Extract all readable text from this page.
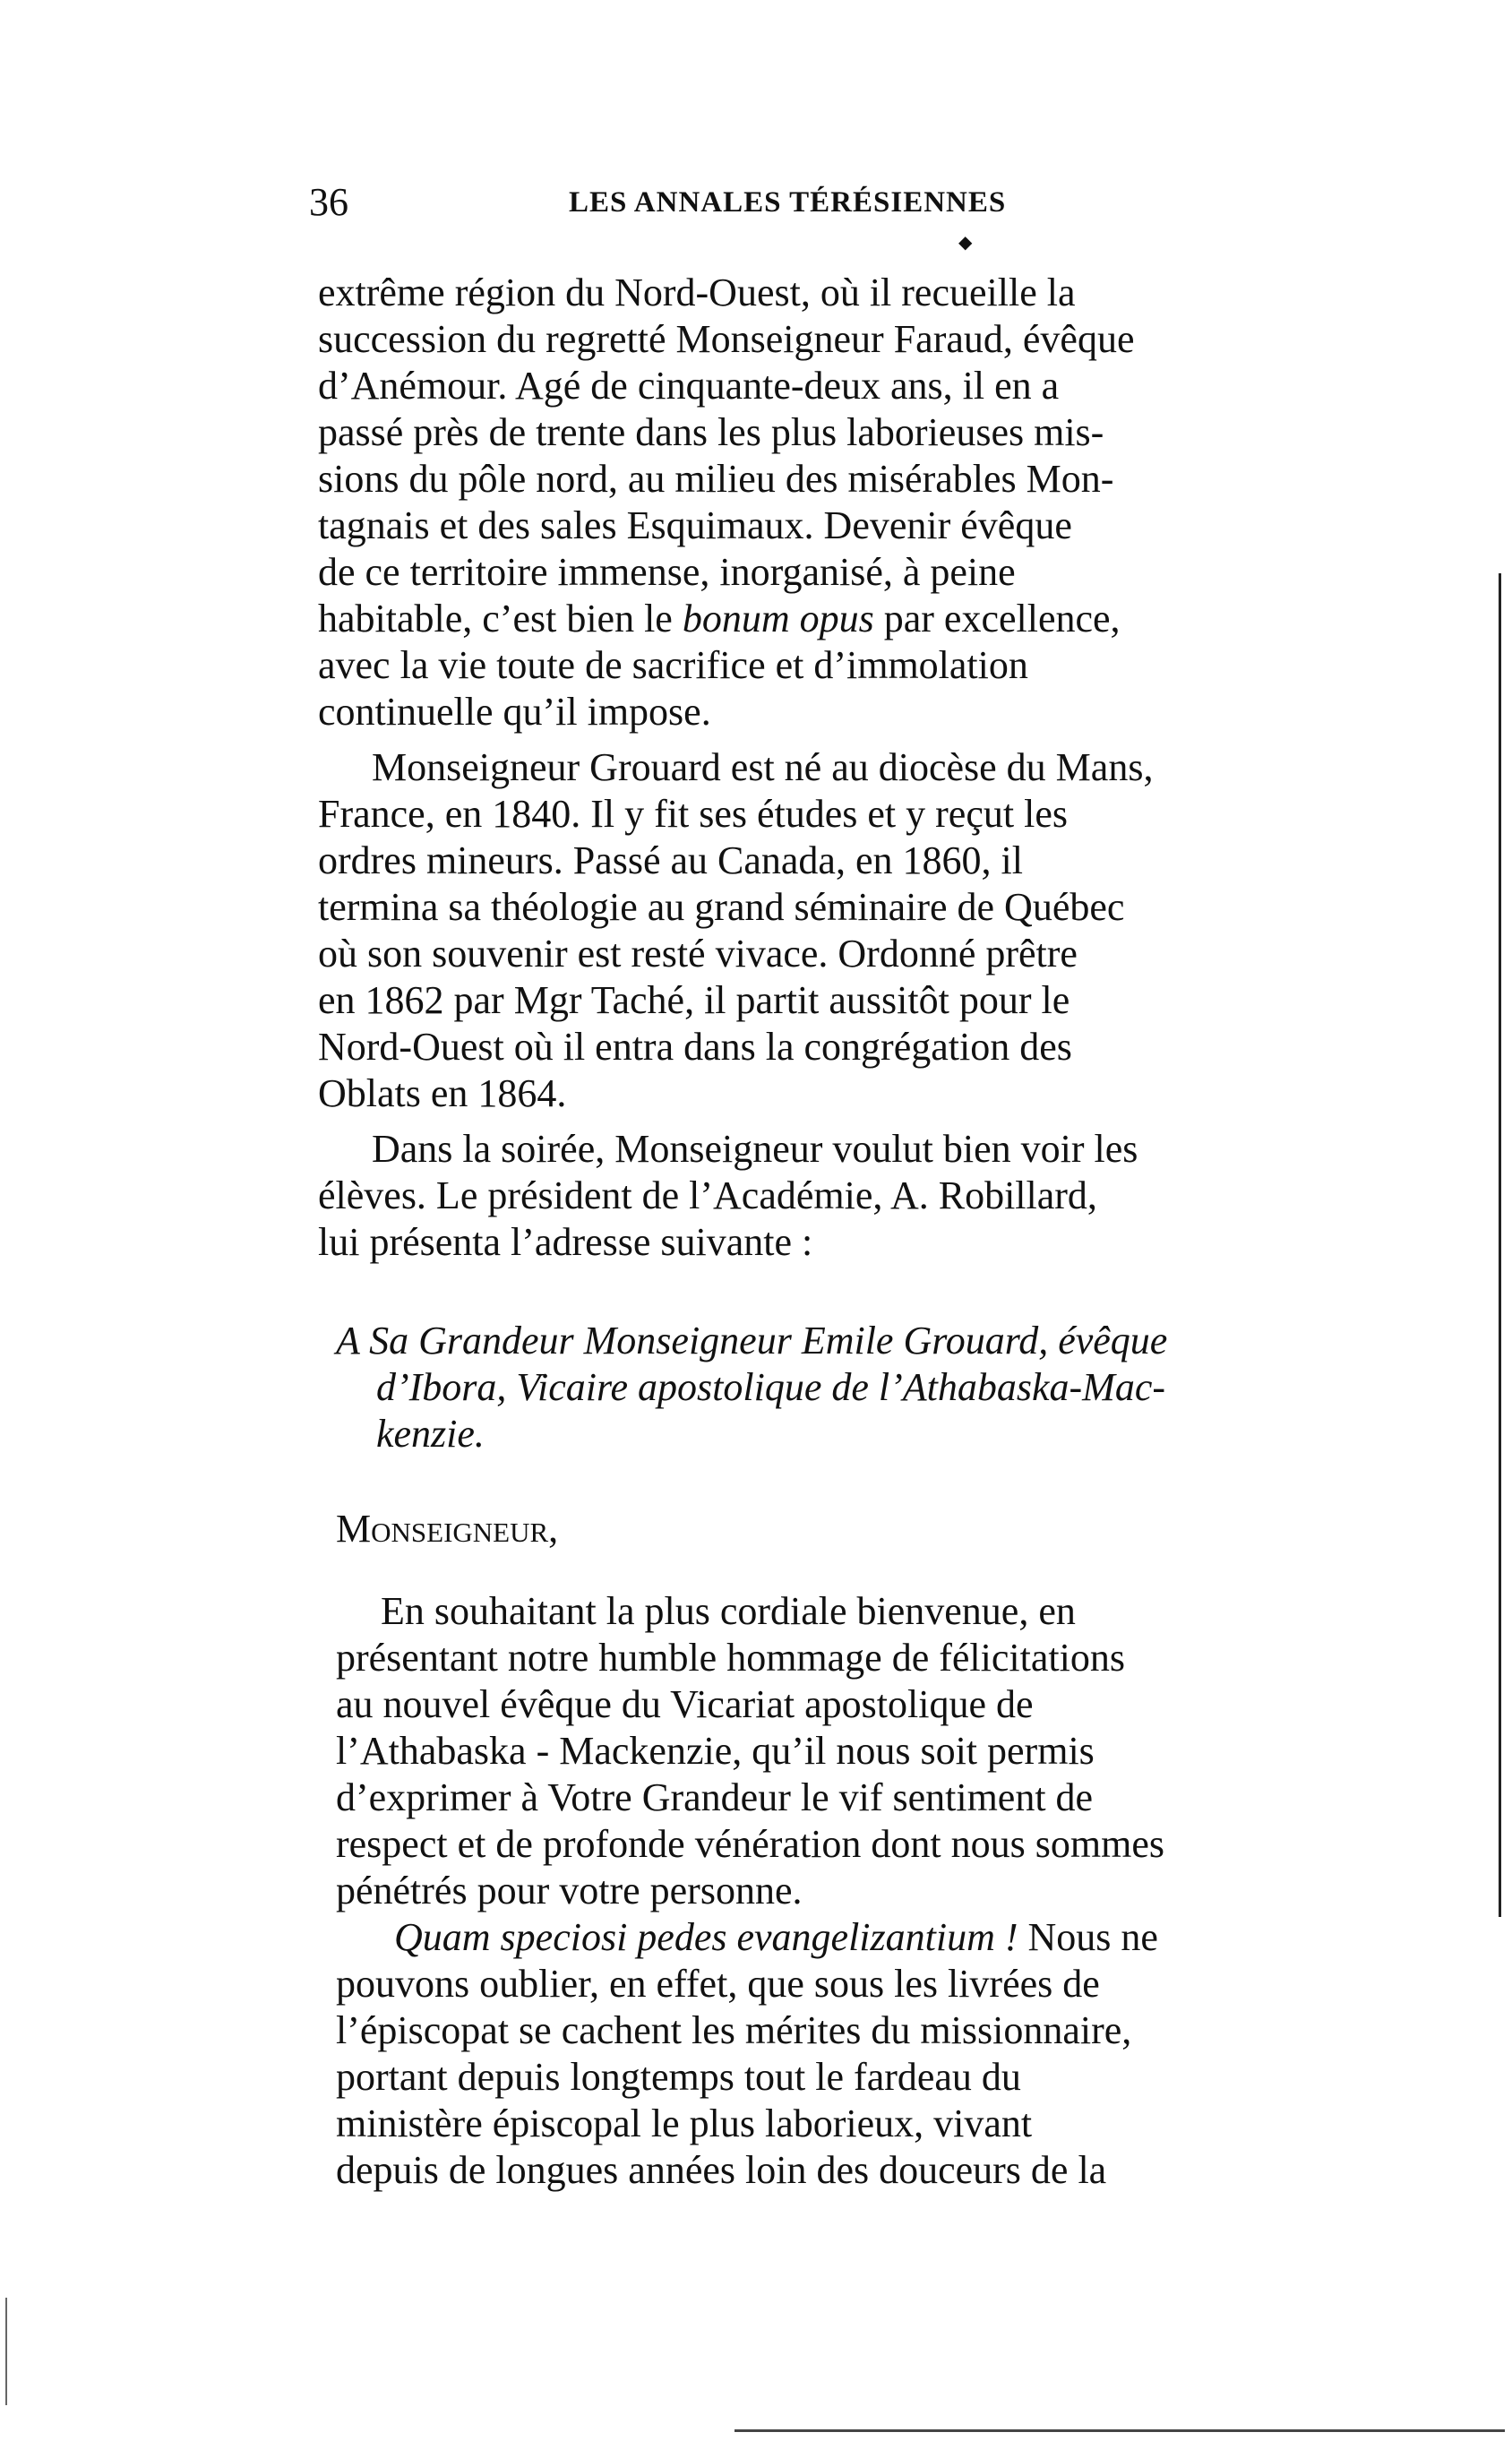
36	LES ANNALES TÉRÉSIENNES
◆
extrême région du Nord-Ouest, où il recueille la
succession du regretté Monseigneur Faraud, évêque
d’Anémour. Agé de cinquante-deux ans, il en a
passé près de trente dans les plus laborieuses mis-
sions du pôle nord, au milieu des misérables Mon-
tagnais et des sales Esquimaux. Devenir évêque
de ce territoire immense, inorganisé, à peine
habitable, c’est bien le bonum opus par excellence,
avec la vie toute de sacrifice et d’immolation
continuelle qu’il impose.
Monseigneur Grouard est né au diocèse du Mans,
France, en 1840. Il y fit ses études et y reçut les
ordres mineurs. Passé au Canada, en 1860, il
termina sa théologie au grand séminaire de Québec
où son souvenir est resté vivace. Ordonné prêtre
en 1862 par Mgr Taché, il partit aussitôt pour le
Nord-Ouest où il entra dans la congrégation des
Oblats en 1864.
Dans la soirée, Monseigneur voulut bien voir les
élèves. Le président de l’Académie, A. Robillard,
lui présenta l’adresse suivante :
A Sa Grandeur Monseigneur Emile Grouard, évêque
d’Ibora, Vicaire apostolique de l’Athabaska-Mac-
kenzie.
Monseigneur,
En souhaitant la plus cordiale bienvenue, en
présentant notre humble hommage de félicitations
au nouvel évêque du Vicariat apostolique de
l’Athabaska - Mackenzie, qu’il nous soit permis
d’exprimer à Votre Grandeur le vif sentiment de
respect et de profonde vénération dont nous sommes
pénétrés pour votre personne.
Quam speciosi pedes evangelizantium ! Nous ne
pouvons oublier, en effet, que sous les livrées de
l’épiscopat se cachent les mérites du missionnaire,
portant depuis longtemps tout le fardeau du
ministère épiscopal le plus laborieux, vivant
depuis de longues années loin des douceurs de la
